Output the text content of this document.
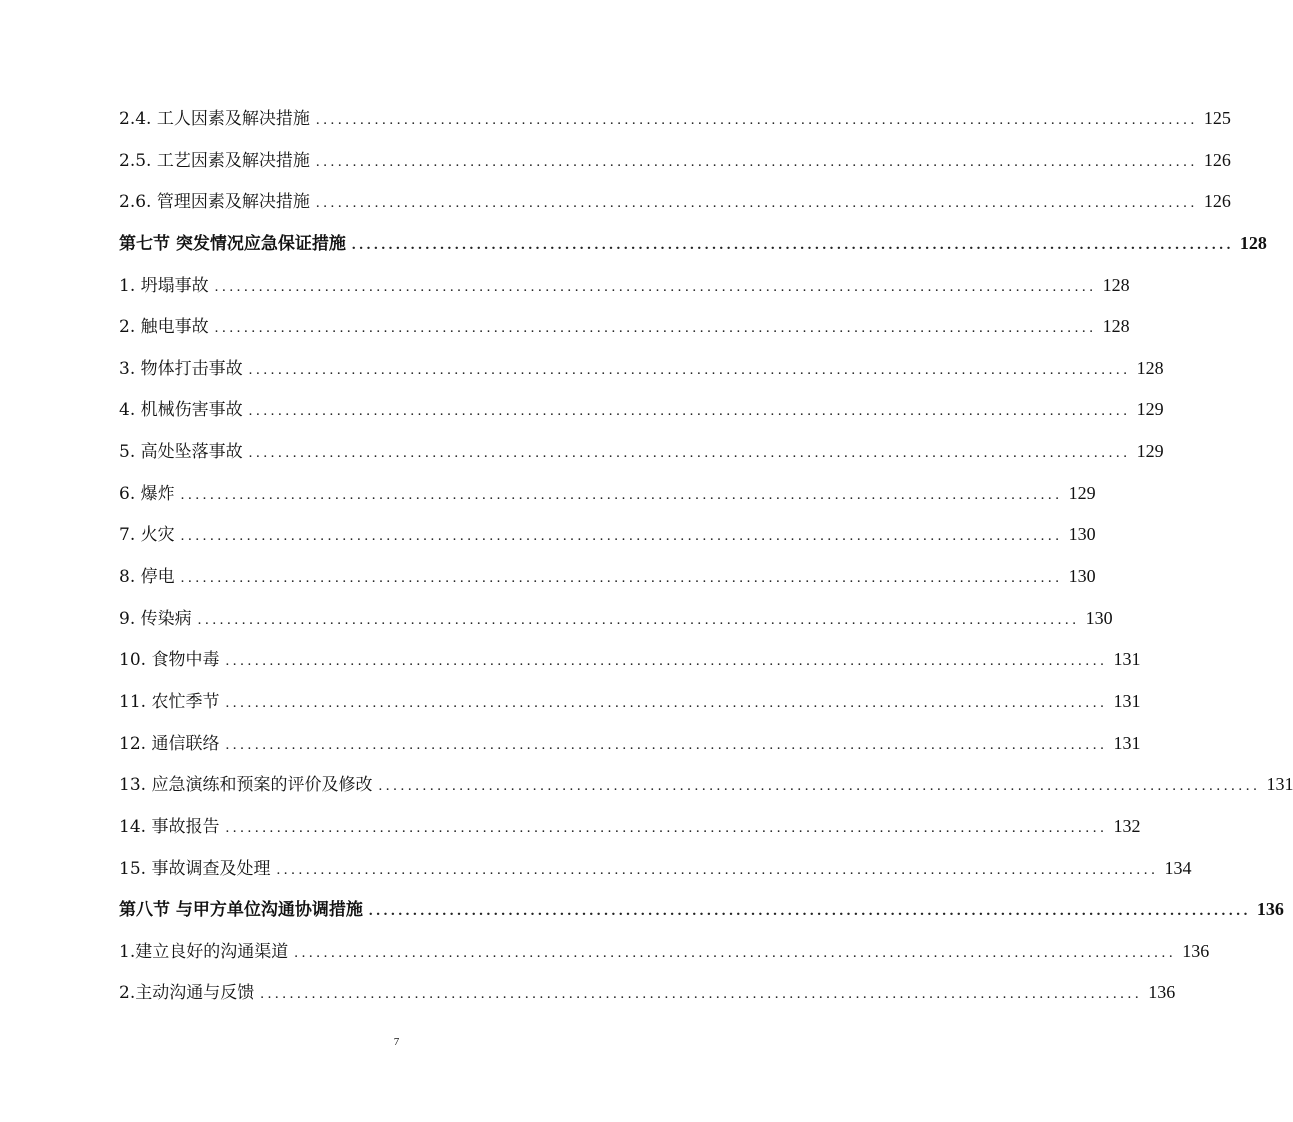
2.4. 工人因素及解决措施 ........................................................................................................................ 125
2.5. 工艺因素及解决措施 ........................................................................................................................ 126
2.6. 管理因素及解决措施 ........................................................................................................................ 126
第七节 突发情况应急保证措施 ........................................................................................................................ 128
1. 坍塌事故 ........................................................................................................................ 128
2. 触电事故 ........................................................................................................................ 128
3. 物体打击事故 ........................................................................................................................ 128
4. 机械伤害事故 ........................................................................................................................ 129
5. 高处坠落事故 ........................................................................................................................ 129
6. 爆炸 ........................................................................................................................ 129
7. 火灾 ........................................................................................................................ 130
8. 停电 ........................................................................................................................ 130
9. 传染病 ........................................................................................................................ 130
10. 食物中毒 ........................................................................................................................ 131
11. 农忙季节 ........................................................................................................................ 131
12. 通信联络 ........................................................................................................................ 131
13. 应急演练和预案的评价及修改 ........................................................................................................................ 131
14. 事故报告 ........................................................................................................................ 132
15. 事故调查及处理 ........................................................................................................................ 134
第八节 与甲方单位沟通协调措施 ........................................................................................................................ 136
1.建立良好的沟通渠道 ........................................................................................................................ 136
2.主动沟通与反馈 ........................................................................................................................ 136
7
